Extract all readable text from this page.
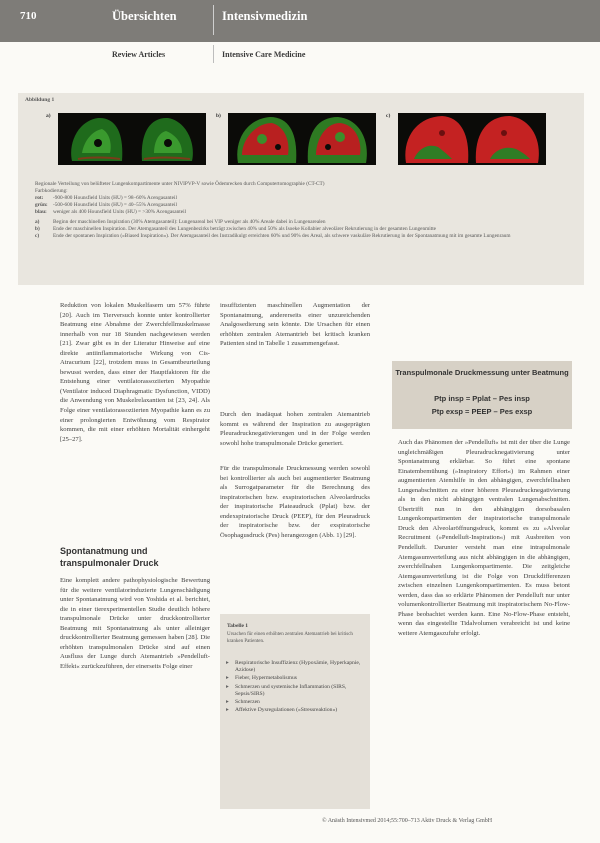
710	Übersichten	Intensivmedizin
Review Articles	Intensive Care Medicine
Abbildung 1
a)	b)	c)

Regionale Verteilung von belüfteter Lungenkompartimente unter NIVIPVP-V sowie Ödemrecken durch Computertomographie (CT-CT)

Farbkodierung:

rot: -900-800 Hounsfield Units (HU) = 98–60% Acengasanteil

grün: -500-600 Hounsfield Units (HU) = 40–55% Acengasanteil

blau: weniger als 400 Hounsfield Units (HU) = >30% Acengasanteil

a)	Beginn der maschinellen Inspiration (30% Atemgasanteil): Lungenareal bei VIP weniger als 40% Areale dabei in Lungenarealen

b)	Ende der maschinellen Inspiration. Der Atemgasanteil des Lungenbezirks beträgt zwischen 40% und 50% als Isoeke Kollabier alveolärer Rekrutierung in der gesamten Lungenmitte

c)	Ende der spontanen Inspiration (»Biased Inspiration«). Der Atemgasanteil des Instradikulgt erreichten 60% und 90% des Areal, als schwere vaskuläre Rekrutierung in der Spontanatmung mit im gesamte Lungenraum

Reduktion von lokalen Muskelfasern um 57% führte [20]. Auch im Tierversuch konnte unter kontrollierter Beatmung eine Abnahme der Zwerchfellmuskelmasse innerhalb von nur 18 Stunden nachgewiesen werden [21]. Zwar gibt es in der Literatur Hinweise auf eine direkte antiinflammatorische Wirkung von Cis-Atracurium [22], trotzdem muss in Gesamtbeurteilung bewusst werden, dass einer der Hauptfaktoren für die Entstehung einer ventilatorassoziierten Myopathie (Ventilator induced Diaphragmatic Dysfunction, VIDD) die Anwendung von Muskelrelaxantien ist [23, 24]. Als Folge einer ventilatorassoziierten Myopathie kann es zu einer prolongierten Entwöhnung vom Respirator kommen, die mit einer erhöhten Mortalität einhergeht [25–27].
Spontanatmung und transpulmonaler Druck
Eine komplett andere pathophysiologische Bewertung für die weitere ventilatorinduzierte Lungenschädigung unter Spontanatmung wird von Yoshida et al. berichtet, die in einer tierexperimentellen Studie deutlich höhere transpulmonale Drücke unter druckkontrollierter Beatmung mit Spontanatmung als unter alleiniger druckkontrollierter Beatmung gemessen haben [28]. Die erhöhten transpulmonalen Drücke sind auf einen Ausfluss der Lunge durch Atemantrieb »Pendelluft-Effekt« zurückzuführen, der einerseits Folge einer
insuffizienten maschinellen Augmentation der Spontanatmung, andererseits einer unzureichenden Analgosedierung sein könnte. Die Ursachen für einen erhöhten zentralen Atemantrieb bei kritisch kranken Patienten sind in Tabelle 1 zusammengefasst.
Durch den inadäquat hohen zentralen Atemantrieb kommt es während der Inspiration zu ausgeprägten Pleuradrucknegativierungen und in der Folge werden sowohl hohe transpulmonale Drücke generiert.
Für die transpulmonale Druckmessung werden sowohl bei kontrollierter als auch bei augmentierter Beatmung als Surrogatparameter für die Berechnung des inspiratorischen bzw. exspiratorischen Alveolardrucks der inspiratorische Plateaudruck (Pplat) bzw. der endexspiratorische Druck (PEEP), für den Pleuradruck der inspiratorische bzw. der exspiratorische Ösophagusdruck (Pes) herangezogen (Abb. 1) [29].
Tabelle 1
Ursachen für einen erhöhten zentralen Atemantrieb bei kritisch kranken Patienten.
▸ Respiratorische Insuffizienz (Hypoxämie, Hyperkapnie, Azidose)
▸ Fieber, Hypermetabolismus
▸ Schmerzen und systemische Inflammation (SIRS, Sepsis/SIRS)
▸ Schmerzen
▸ Affektive Dysregulationen (»Stressreaktion«)
Transpulmonale Druckmessung unter Beatmung
Ptp insp = Pplat – Pes insp
Ptp exsp = PEEP – Pes exsp
Auch das Phänomen der »Pendelluft« ist mit der über die Lunge ungleichmäßigen Pleuradrucknegativierung unter Spontanatmung erklärbar. So führt eine spontane Einatembemühung (»Inspiratory Effort«) im Rahmen einer augmentierten Atemhilfe in den abhängigen, zwerchfellnahen Lungenabschnitten zu einer höheren Pleuradrucknegativierung als in den nicht abhängigen ventralen Lungenabschnitten. Übertrifft nun in den abhängigen dorsobasalen Lungenkompartimenten der inspiratorische transpulmonale Druck den Alveolaröffnungsdruck, kommt es zu »Alveolar Recruitment (»Pendelluft-Inspiration«) mit Ausbreiten von Pendelluft. Darunter versteht man eine intrapulmonale Atemgasumverteilung aus nicht abhängigen in die abhängigen, zwerchfellnahen Lungenkompartimente. Die zeitgleiche Atemgasumverteilung ist die Folge von Druckdifferenzen zwischen einzelnen Lungenkompartimenten. Es muss betont werden, dass das so erklärte Phänomen der Pendelluft nur unter volumenkontrollierter Beatmung mit inspiratorischem No-Flow-Phase beobachtet werden kann. Eine No-Flow-Phase entsteht, wenn das eingestellte Tidalvolumen verabreicht ist und keine weitere Atemgaszufuhr erfolgt.
© Anästh Intensivmed 2014;55:700–713 Aktiv Druck & Verlag GmbH
